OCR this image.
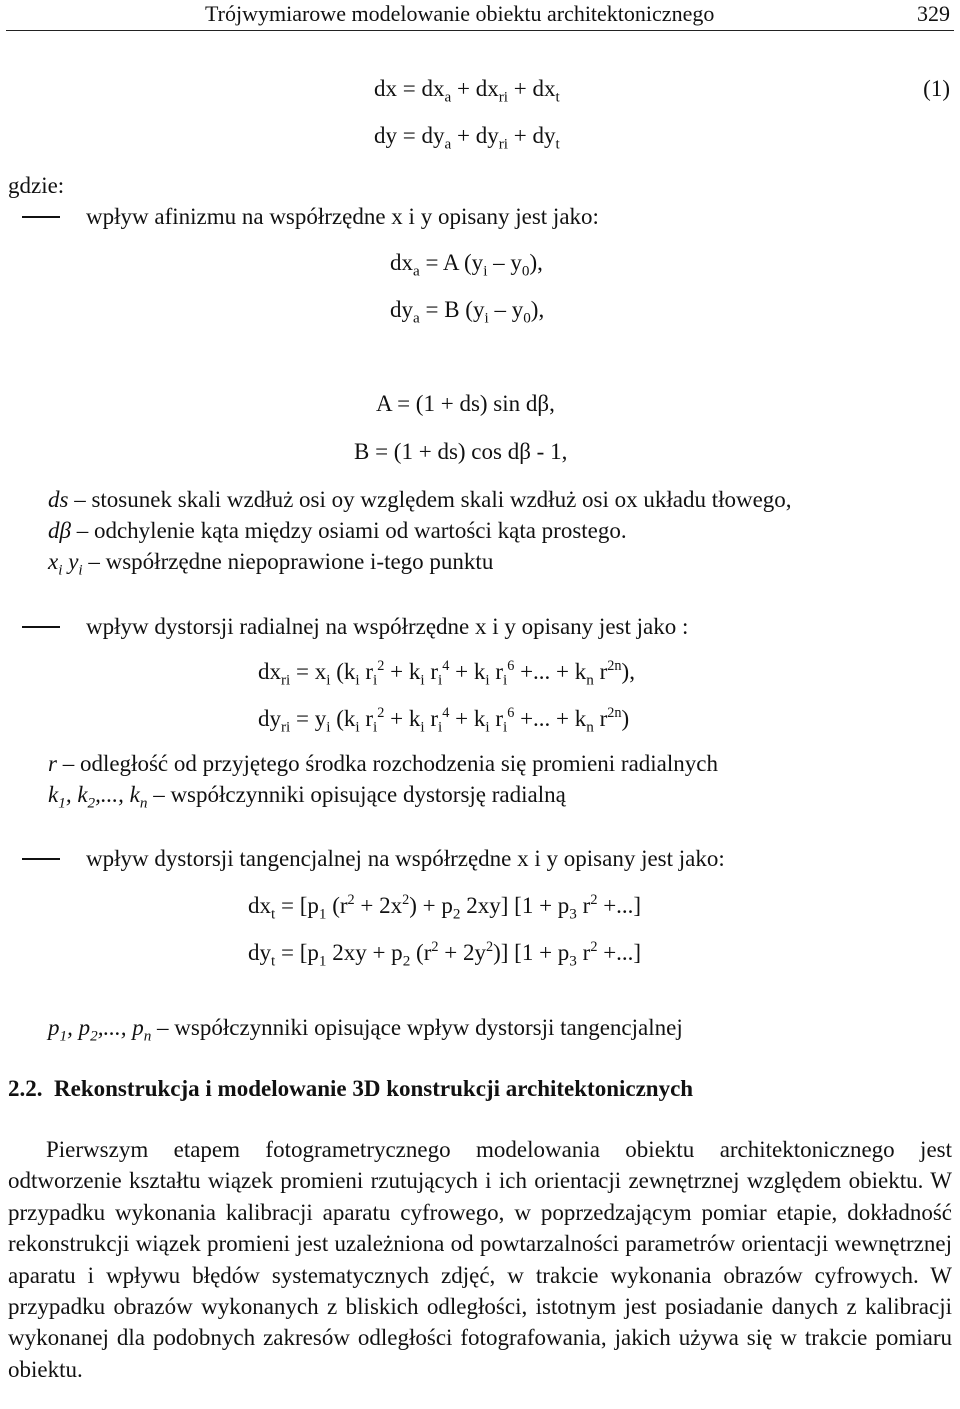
Trójwymiarowe modelowanie obiektu architektonicznego	329
dx = $dx_a + dx_{ri} + dx_t$	(1)
dy = $dy_a + dy_{ri} + dy_t$
gdzie:
wpływ afinizmu na współrzędne x i y opisany jest jako:
$dx_a = A$ $(y_i - y_0)$,
$dy_a = B$ $(y_i - y_0)$,
A = (1 + ds) sin dβ,
B = (1 + ds) cos dβ - 1,
ds – stosunek skali wzdłuż osi oy względem skali wzdłuż osi ox układu tłowego,
dβ – odchylenie kąta między osiami od wartości kąta prostego.
$x_i$ $y_i$ – współrzędne niepoprawione i-tego punktu
wpływ dystorsji radialnej na współrzędne x i y opisany jest jako :
$dx_{ri} = x_i$ ($k_i$ $r_i^2 + k_i$ $r_i^4 + k_i$ $r_i^6$ +... + $k_n$ $r^{2n}$),
$dy_{ri} = y_i$ ($k_i$ $r_i^2 + k_i$ $r_i^4 + k_i$ $r_i^6$ +... + $k_n$ $r^{2n}$)
r – odległość od przyjętego środka rozchodzenia się promieni radialnych
$k_1$, $k_2$,..., $k_n$ – współczynniki opisujące dystorsję radialną
wpływ dystorsji tangencjalnej na współrzędne x i y opisany jest jako:
$dx_t = [p_1$ $(r^2 + 2x^2) + p_2$ 2xy] [$1 + p_3$ $r^2$ +...]
$dy_t = [p_1$ $2xy + p_2$ $(r^2 + 2y^2)$] [$1 + p_3$ $r^2$ +...]
$p_1$, $p_2$,..., $p_n$ – współczynniki opisujące wpływ dystorsji tangencjalnej
2.2. Rekonstrukcja i modelowanie 3D konstrukcji architektonicznych
Pierwszym etapem fotogrametrycznego modelowania obiektu architektonicznego jest odtworzenie kształtu wiązek promieni rzutujących i ich orientacji zewnętrznej względem obiektu. W przypadku wykonania kalibracji aparatu cyfrowego, w poprzedzającym pomiar etapie, dokładność rekonstrukcji wiązek promieni jest uzależniona od powtarzalności parametrów orientacji wewnętrznej aparatu i wpływu błędów systematycznych zdjęć, w trakcie wykonania obrazów cyfrowych. W przypadku obrazów wykonanych z bliskich odległości, istotnym jest posiadanie danych z kalibracji wykonanej dla podobnych zakresów odległości fotografowania, jakich używa się w trakcie pomiaru obiektu.
